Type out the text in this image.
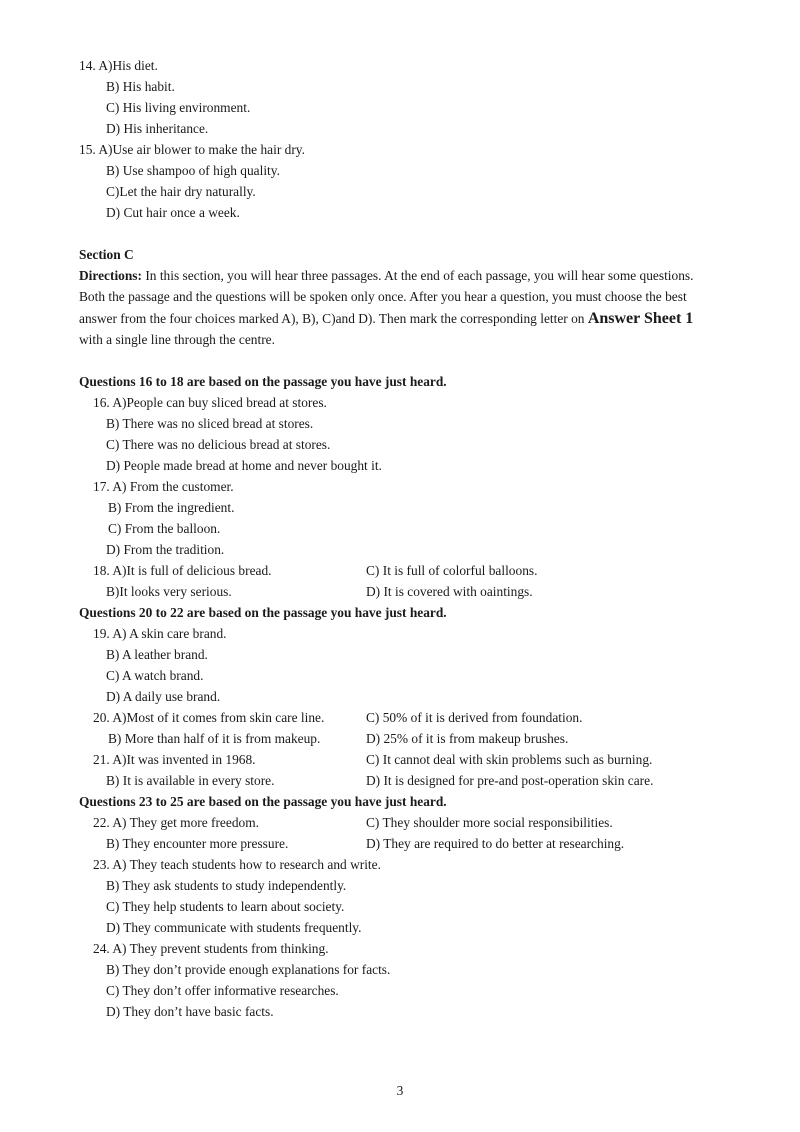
14. A)His diet.
B) His habit.
C) His living environment.
D) His inheritance.
15. A)Use air blower to make the hair dry.
B) Use shampoo of high quality.
C)Let the hair dry naturally.
D) Cut hair once a week.
Section C
Directions: In this section, you will hear three passages. At the end of each passage, you will hear some questions.
Both the passage and the questions will be spoken only once. After you hear a question, you must choose the best
answer from the four choices marked A), B), C)and D). Then mark the corresponding letter on Answer Sheet 1
with a single line through the centre.
Questions 16 to 18 are based on the passage you have just heard.
16. A)People can buy sliced bread at stores.
B) There was no sliced bread at stores.
C) There was no delicious bread at stores.
D) People made bread at home and never bought it.
17. A) From the customer.
B) From the ingredient.
C) From the balloon.
D) From the tradition.
18. A)It is full of delicious bread.	C) It is full of colorful balloons.
B)It looks very serious.	D) It is covered with oaintings.
Questions 20 to 22 are based on the passage you have just heard.
19. A) A skin care brand.
B) A leather brand.
C) A watch brand.
D) A daily use brand.
20. A)Most of it comes from skin care line.	C) 50% of it is derived from foundation.
B) More than half of it is from makeup.	D) 25% of it is from makeup brushes.
21. A)It was invented in 1968.	C) It cannot deal with skin problems such as burning.
B) It is available in every store.	D) It is designed for pre-and post-operation skin care.
Questions 23 to 25 are based on the passage you have just heard.
22. A) They get more freedom.	C) They shoulder more social responsibilities.
B) They encounter more pressure.	D) They are required to do better at researching.
23. A) They teach students how to research and write.
B) They ask students to study independently.
C) They help students to learn about society.
D) They communicate with students frequently.
24. A) They prevent students from thinking.
B) They don’t provide enough explanations for facts.
C) They don’t offer informative researches.
D) They don’t have basic facts.
3
